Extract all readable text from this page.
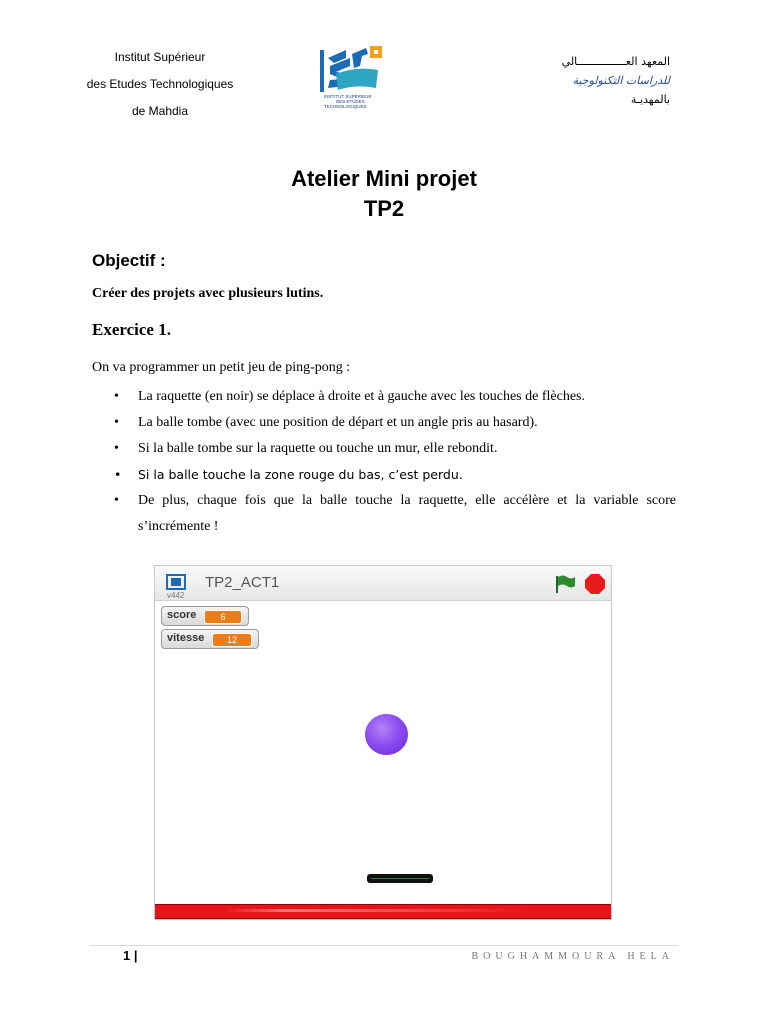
Institut Supérieur
des Etudes Technologiques
de Mahdia
INSTITUT SUPÉRIEUR
DES ETUDES
TECHNOLOGIQUES
المعهد العـــــــــــــــالي
للدراسات التكنولوجية
بالمهديـة
Atelier Mini projet
TP2
Objectif :
Créer des projets avec plusieurs lutins.
Exercice 1.
On va programmer un petit jeu de ping-pong :
• La raquette (en noir) se déplace à droite et à gauche avec les touches de flèches.
• La balle tombe (avec une position de départ et un angle pris au hasard).
• Si la balle tombe sur la raquette ou touche un mur, elle rebondit.
• Si la balle touche la zone rouge du bas, c’est perdu.
• De plus, chaque fois que la balle touche la raquette, elle accélère et la variable score s’incrémente !
v442
TP2_ACT1
score	6
vitesse	12
1 |	BOUGHAMMOURA HELA
